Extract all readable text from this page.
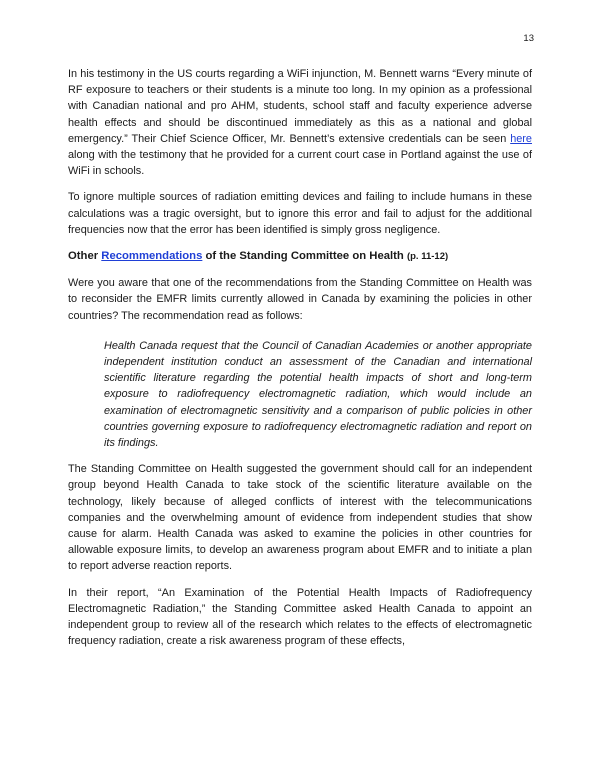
13

In his testimony in the US courts regarding a WiFi injunction, M. Bennett warns “Every minute of RF exposure to teachers or their students is a minute too long. In my opinion as a professional with Canadian national and pro AHM, students, school staff and faculty experience adverse health effects and should be discontinued immediately as this as a national and global emergency.” Their Chief Science Officer, Mr. Bennett’s extensive credentials can be seen here along with the testimony that he provided for a current court case in Portland against the use of WiFi in schools.

To ignore multiple sources of radiation emitting devices and failing to include humans in these calculations was a tragic oversight, but to ignore this error and fail to adjust for the additional frequencies now that the error has been identified is simply gross negligence.

Other Recommendations of the Standing Committee on Health (p. 11-12)

Were you aware that one of the recommendations from the Standing Committee on Health was to reconsider the EMFR limits currently allowed in Canada by examining the policies in other countries? The recommendation read as follows:

Health Canada request that the Council of Canadian Academies or another appropriate independent institution conduct an assessment of the Canadian and international scientific literature regarding the potential health impacts of short and long-term exposure to radiofrequency electromagnetic radiation, which would include an examination of electromagnetic sensitivity and a comparison of public policies in other countries governing exposure to radiofrequency electromagnetic radiation and report on its findings.

The Standing Committee on Health suggested the government should call for an independent group beyond Health Canada to take stock of the scientific literature available on the technology, likely because of alleged conflicts of interest with the telecommunications companies and the overwhelming amount of evidence from independent studies that show cause for alarm. Health Canada was asked to examine the policies in other countries for allowable exposure limits, to develop an awareness program about EMFR and to initiate a plan to report adverse reaction reports.

In their report, “An Examination of the Potential Health Impacts of Radiofrequency Electromagnetic Radiation,” the Standing Committee asked Health Canada to appoint an independent group to review all of the research which relates to the effects of electromagnetic frequency radiation, create a risk awareness program of these effects,
